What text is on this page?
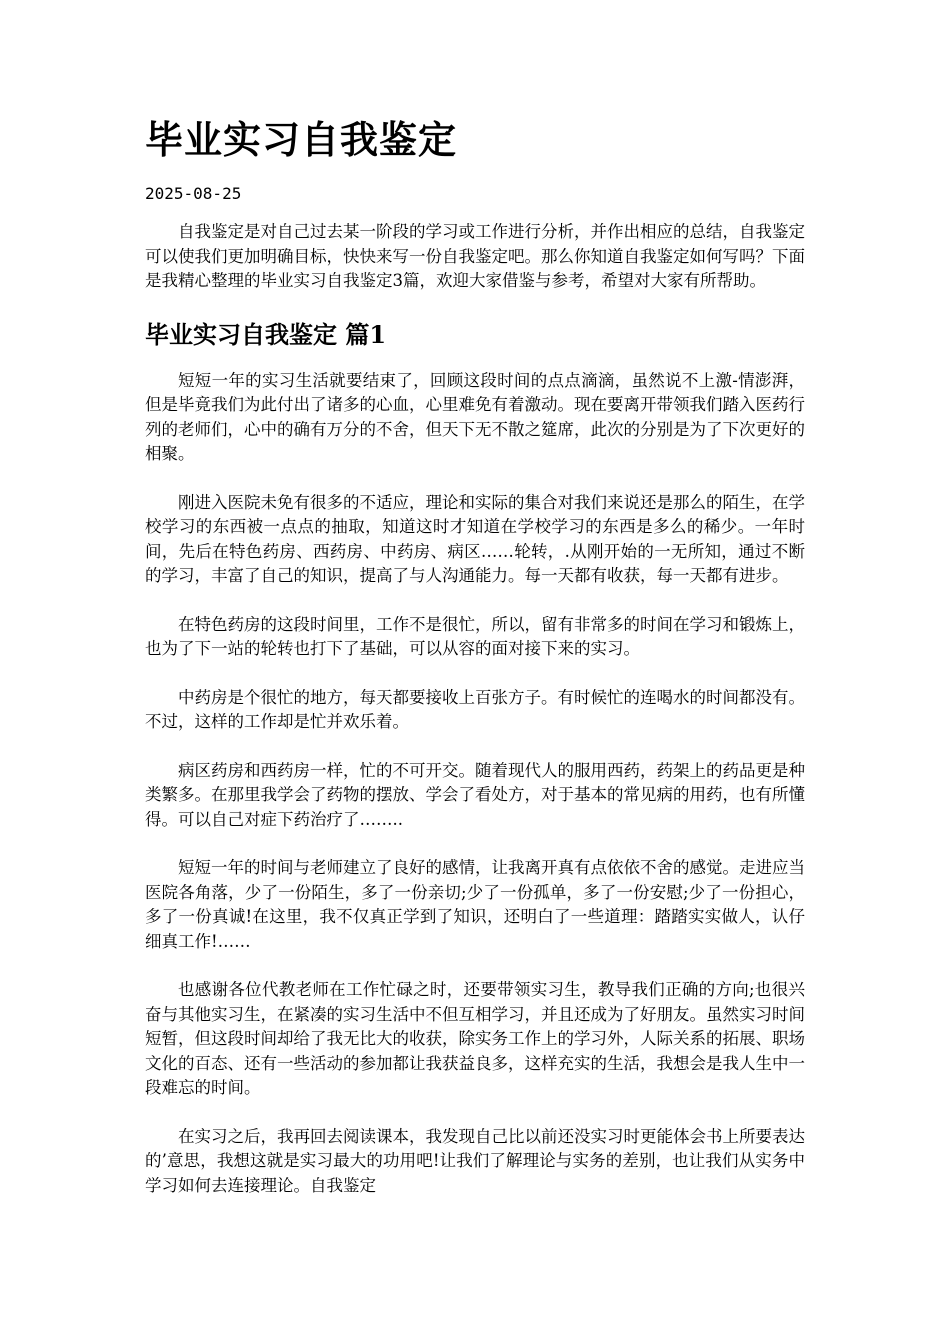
毕业实习自我鉴定
2025-08-25

自我鉴定是对自己过去某一阶段的学习或工作进行分析，并作出相应的总结，自我鉴定可以使我们更加明确目标，快快来写一份自我鉴定吧。那么你知道自我鉴定如何写吗？下面是我精心整理的毕业实习自我鉴定3篇，欢迎大家借鉴与参考，希望对大家有所帮助。

毕业实习自我鉴定 篇1

短短一年的实习生活就要结束了，回顾这段时间的点点滴滴，虽然说不上激-情澎湃，但是毕竟我们为此付出了诸多的心血，心里难免有着激动。现在要离开带领我们踏入医药行列的老师们，心中的确有万分的不舍，但天下无不散之筵席，此次的分别是为了下次更好的相聚。

刚进入医院未免有很多的不适应，理论和实际的集合对我们来说还是那么的陌生，在学校学习的东西被一点点的抽取，知道这时才知道在学校学习的东西是多么的稀少。一年时间，先后在特色药房、西药房、中药房、病区……轮转，.从刚开始的一无所知，通过不断的学习，丰富了自己的知识，提高了与人沟通能力。每一天都有收获，每一天都有进步。

在特色药房的这段时间里，工作不是很忙，所以，留有非常多的时间在学习和锻炼上，也为了下一站的轮转也打下了基础，可以从容的面对接下来的实习。

中药房是个很忙的地方，每天都要接收上百张方子。有时候忙的连喝水的时间都没有。不过，这样的工作却是忙并欢乐着。

病区药房和西药房一样，忙的不可开交。随着现代人的服用西药，药架上的药品更是种类繁多。在那里我学会了药物的摆放、学会了看处方，对于基本的常见病的用药，也有所懂得。可以自己对症下药治疗了……..

短短一年的时间与老师建立了良好的感情，让我离开真有点依依不舍的感觉。走进应当医院各角落，少了一份陌生，多了一份亲切;少了一份孤单，多了一份安慰;少了一份担心，多了一份真诚!在这里，我不仅真正学到了知识，还明白了一些道理：踏踏实实做人，认仔细真工作!……

也感谢各位代教老师在工作忙碌之时，还要带领实习生，教导我们正确的方向;也很兴奋与其他实习生，在紧凑的实习生活中不但互相学习，并且还成为了好朋友。虽然实习时间短暂，但这段时间却给了我无比大的收获，除实务工作上的学习外，人际关系的拓展、职场文化的百态、还有一些活动的参加都让我获益良多，这样充实的生活，我想会是我人生中一段难忘的时间。

在实习之后，我再回去阅读课本，我发现自己比以前还没实习时更能体会书上所要表达的’意思，我想这就是实习最大的功用吧!让我们了解理论与实务的差别，也让我们从实务中学习如何去连接理论。自我鉴定
